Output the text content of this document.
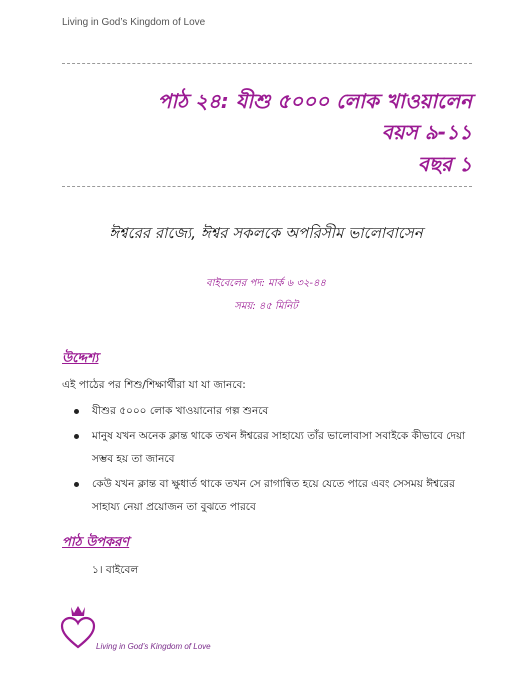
Living in God’s Kingdom of Love
পাঠ ২৪: যীশু ৫০০০ লোক খাওয়ালেন
বয়স ৯-১১
বছর ১
ঈশ্বরের রাজ্যে, ঈশ্বর সকলকে অপরিসীম ভালোবাসেন
বাইবেলের পদ: মার্ক ৬ ৩২-৪৪
সময়: ৪৫ মিনিট
উদ্দেশ্য
এই পাঠের পর শিশু/শিক্ষার্থীরা যা যা জানবে:
যীশুর ৫০০০ লোক খাওয়ানোর গল্প শুনবে
মানুষ যখন অনেক ক্লান্ত থাকে তখন ঈশ্বরের সাহায্যে তাঁর ভালোবাসা সবাইকে কীভাবে দেয়া সম্ভব হয় তা জানবে
কেউ যখন ক্লান্ত বা ক্ষুধার্ত থাকে তখন সে রাগান্বিত হয়ে যেতে পারে এবং সেসময় ঈশ্বরের সাহায্য নেয়া প্রয়োজন তা বুঝতে পারবে
পাঠ উপকরণ
১। বাইবেল
Living in God’s Kingdom of Love
